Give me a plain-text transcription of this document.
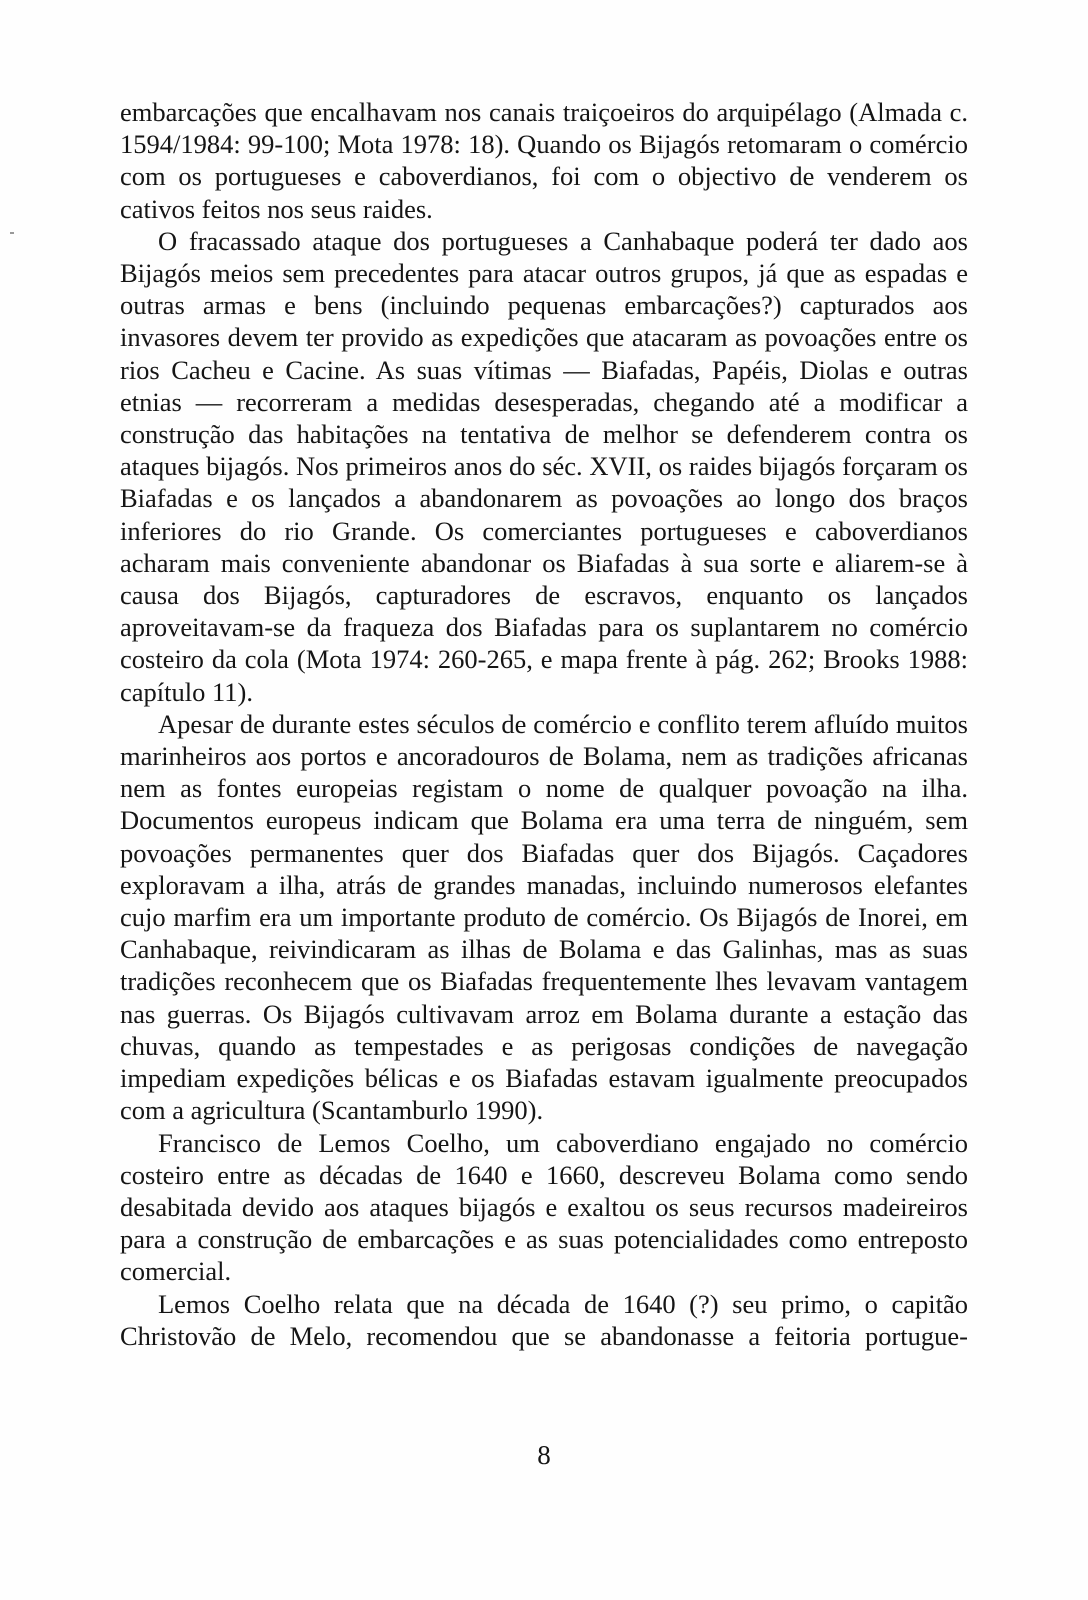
embarcações que encalhavam nos canais traiçoeiros do arquipélago (Almada c. 1594/1984: 99-100; Mota 1978: 18). Quando os Bijagós retomaram o comércio com os portugueses e caboverdianos, foi com o objectivo de venderem os cativos feitos nos seus raides.

O fracassado ataque dos portugueses a Canhabaque poderá ter dado aos Bijagós meios sem precedentes para atacar outros grupos, já que as espadas e outras armas e bens (incluindo pequenas embarcações?) capturados aos invasores devem ter provido as expedições que atacaram as povoações entre os rios Cacheu e Cacine. As suas vítimas — Biafadas, Papéis, Diolas e outras etnias — recorreram a medidas desesperadas, chegando até a modificar a construção das habitações na tentativa de melhor se defenderem contra os ataques bijagós. Nos primeiros anos do séc. XVII, os raides bijagós forçaram os Biafadas e os lançados a abandonarem as povoações ao longo dos braços inferiores do rio Grande. Os comerciantes portugueses e caboverdianos acharam mais conveniente abandonar os Biafadas à sua sorte e aliarem-se à causa dos Bijagós, capturadores de escravos, enquanto os lançados aproveitavam-se da fraqueza dos Biafadas para os suplantarem no comércio costeiro da cola (Mota 1974: 260-265, e mapa frente à pág. 262; Brooks 1988: capítulo 11).

Apesar de durante estes séculos de comércio e conflito terem afluído muitos marinheiros aos portos e ancoradouros de Bolama, nem as tradições africanas nem as fontes europeias registam o nome de qualquer povoação na ilha. Documentos europeus indicam que Bolama era uma terra de ninguém, sem povoações permanentes quer dos Biafadas quer dos Bijagós. Caçadores exploravam a ilha, atrás de grandes manadas, incluindo numerosos elefantes cujo marfim era um importante produto de comércio. Os Bijagós de Inorei, em Canhabaque, reivindicaram as ilhas de Bolama e das Galinhas, mas as suas tradições reconhecem que os Biafadas frequentemente lhes levavam vantagem nas guerras. Os Bijagós cultivavam arroz em Bolama durante a estação das chuvas, quando as tempestades e as perigosas condições de navegação impediam expedições bélicas e os Biafadas estavam igualmente preocupados com a agricultura (Scantamburlo 1990).

Francisco de Lemos Coelho, um caboverdiano engajado no comércio costeiro entre as décadas de 1640 e 1660, descreveu Bolama como sendo desabitada devido aos ataques bijagós e exaltou os seus recursos madeireiros para a construção de embarcações e as suas potencialidades como entreposto comercial.

Lemos Coelho relata que na década de 1640 (?) seu primo, o capitão Christovão de Melo, recomendou que se abandonasse a feitoria portugue-

8
